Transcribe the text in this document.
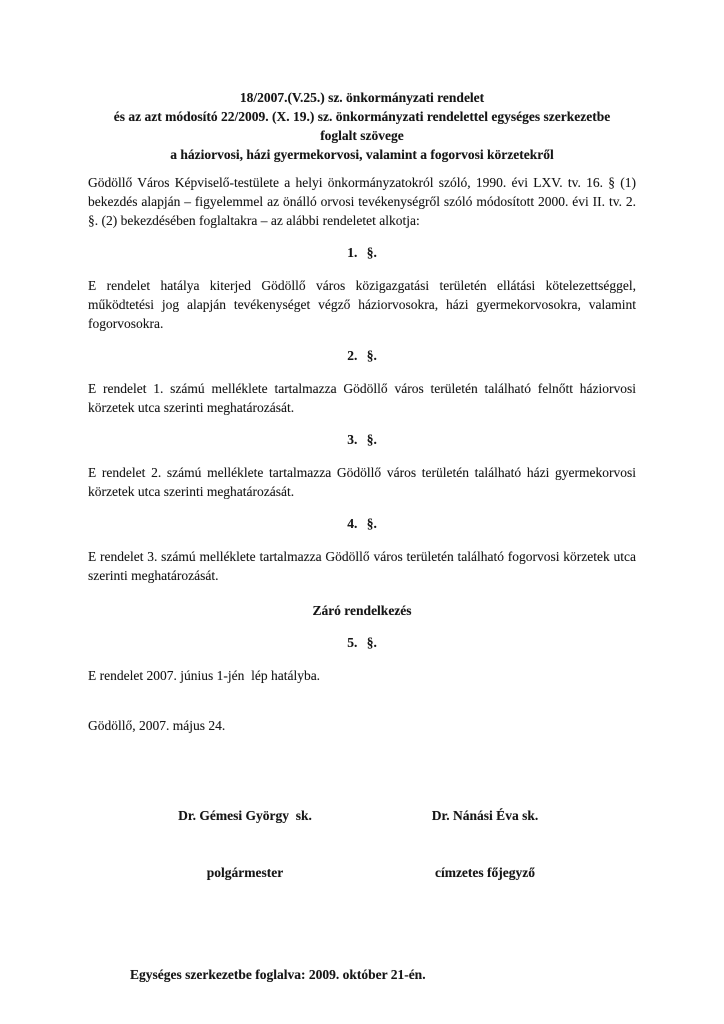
18/2007.(V.25.) sz. önkormányzati rendelet
és az azt módosító 22/2009. (X. 19.) sz. önkormányzati rendelettel egységes szerkezetbe
foglalt szövege
a háziorvosi, házi gyermekorvosi, valamint a fogorvosi körzetekről

Gödöllő Város Képviselő-testülete a helyi önkormányzatokról szóló, 1990. évi LXV. tv. 16. § (1) bekezdés alapján – figyelemmel az önálló orvosi tevékenységről szóló módosított 2000. évi II. tv. 2. §. (2) bekezdésében foglaltakra – az alábbi rendeletet alkotja:

1. §.

E rendelet hatálya kiterjed Gödöllő város közigazgatási területén ellátási kötelezettséggel, működtetési jog alapján tevékenységet végző háziorvosokra, házi gyermekorvosokra, valamint fogorvosokra.

2. §.

E rendelet 1. számú melléklete tartalmazza Gödöllő város területén található felnőtt háziorvosi körzetek utca szerinti meghatározását.

3. §.

E rendelet 2. számú melléklete tartalmazza Gödöllő város területén található házi gyermekorvosi körzetek utca szerinti meghatározását.

4. §.

E rendelet 3. számú melléklete tartalmazza Gödöllő város területén található fogorvosi körzetek utca szerinti meghatározását.

Záró rendelkezés
5. §.

E rendelet 2007. június 1-jén  lép hatályba.

Gödöllő, 2007. május 24.

Dr. Gémesi György  sk.

polgármester

Dr. Nánási Éva sk.

címzetes főjegyző

Egységes szerkezetbe foglalva: 2009. október 21-én.
